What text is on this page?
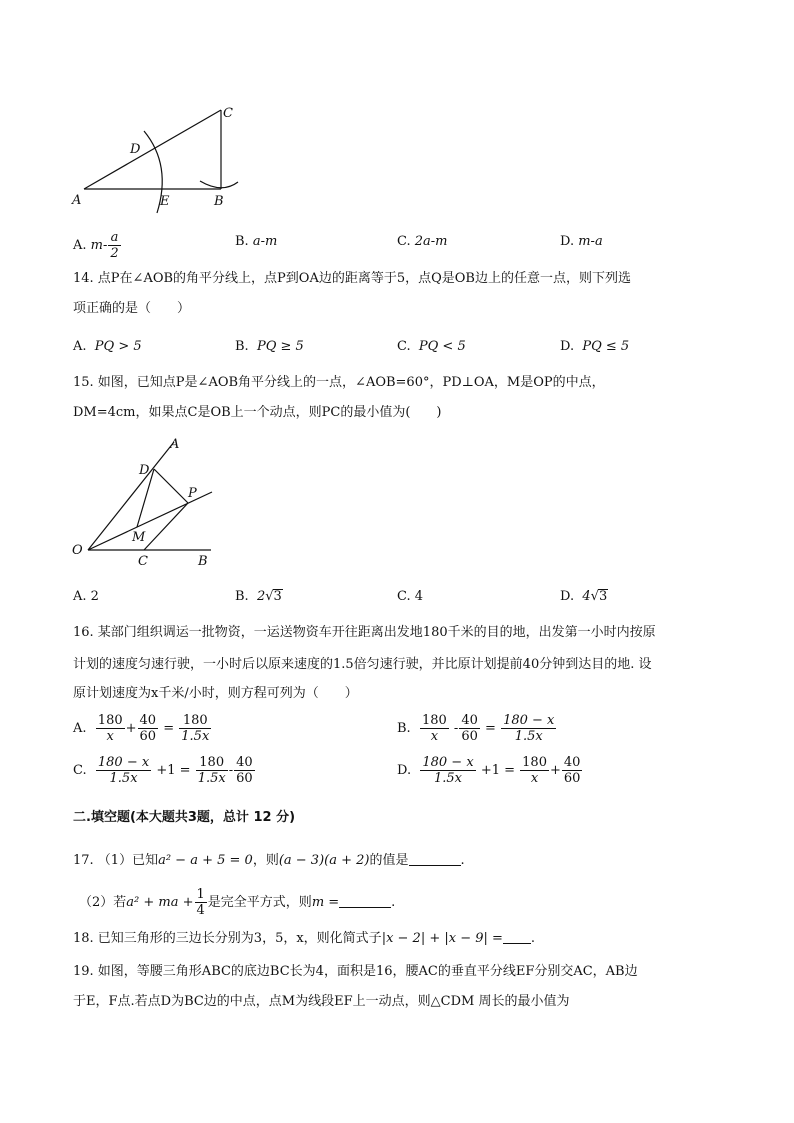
C
D
A	E	B
A. $m- \frac{a}{2}$	B. a-m	C. 2a-m	D. m-a
14. 点P在∠AOB的角平分线上，点P到OA边的距离等于5，点Q是OB边上的任意一点，则下列选
项正确的是（　　）
A. PQ > 5	B. PQ ≥ 5	C. PQ < 5	D. PQ ≤ 5
15. 如图，已知点P是∠AOB角平分线上的一点，∠AOB=60°，PD⊥OA，M是OP的中点，
DM=4cm，如果点C是OB上一个动点，则PC的最小值为(　　)
A
D
P
M
O
C	B
A. 2	B. 2√3	C. 4	D. 4√3
16. 某部门组织调运一批物资，一运送物资车开往距离出发地180千米的目的地，出发第一小时内按原
计划的速度匀速行驶，一小时后以原来速度的1.5倍匀速行驶，并比原计划提前40分钟到达目的地. 设
原计划速度为x千米/小时，则方程可列为（　　）
A. $\frac{180}{x} + \frac{40}{60} = \frac{180}{1.5x}$	B. $\frac{180}{x} - \frac{40}{60} = \frac{180 - x}{1.5x}$
C. $\frac{180 - x}{1.5x} +1 = \frac{180}{1.5x} - \frac{40}{60}$	D. $\frac{180 - x}{1.5x} +1 = \frac{180}{x} + \frac{40}{60}$
二.填空题(本大题共3题，总计 12 分)
17. （1）已知a² − a + 5 = 0，则(a − 3)(a + 2)的值是	.
（2）若a² + ma + $\frac{1}{4}$ 是完全平方式，则m =	.
18. 已知三角形的三边长分别为3，5，x，则化简式子|x − 2| + |x − 9| = .
19. 如图，等腰三角形ABC的底边BC长为4，面积是16，腰AC的垂直平分线EF分别交AC，AB边
于E，F点.若点D为BC边的中点，点M为线段EF上一动点，则△CDM 周长的最小值为
